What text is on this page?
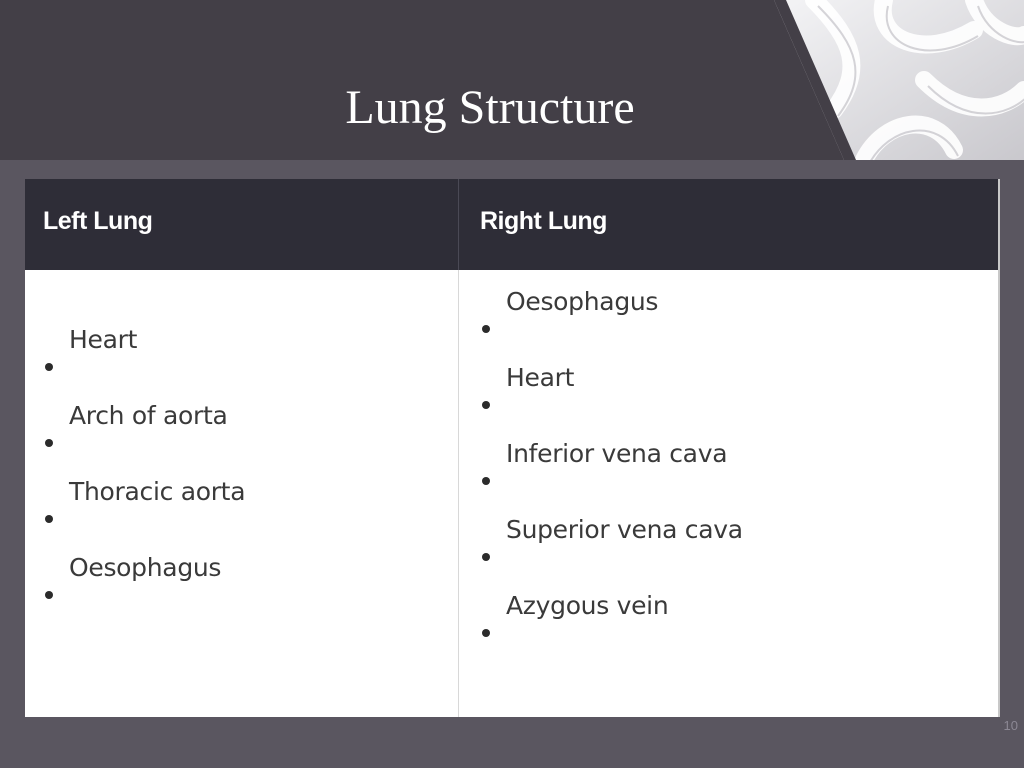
Lung Structure
Left Lung	Right Lung
Heart
Arch of aorta
Thoracic aorta
Oesophagus
Oesophagus
Heart
Inferior vena cava
Superior vena cava
Azygous vein
10
